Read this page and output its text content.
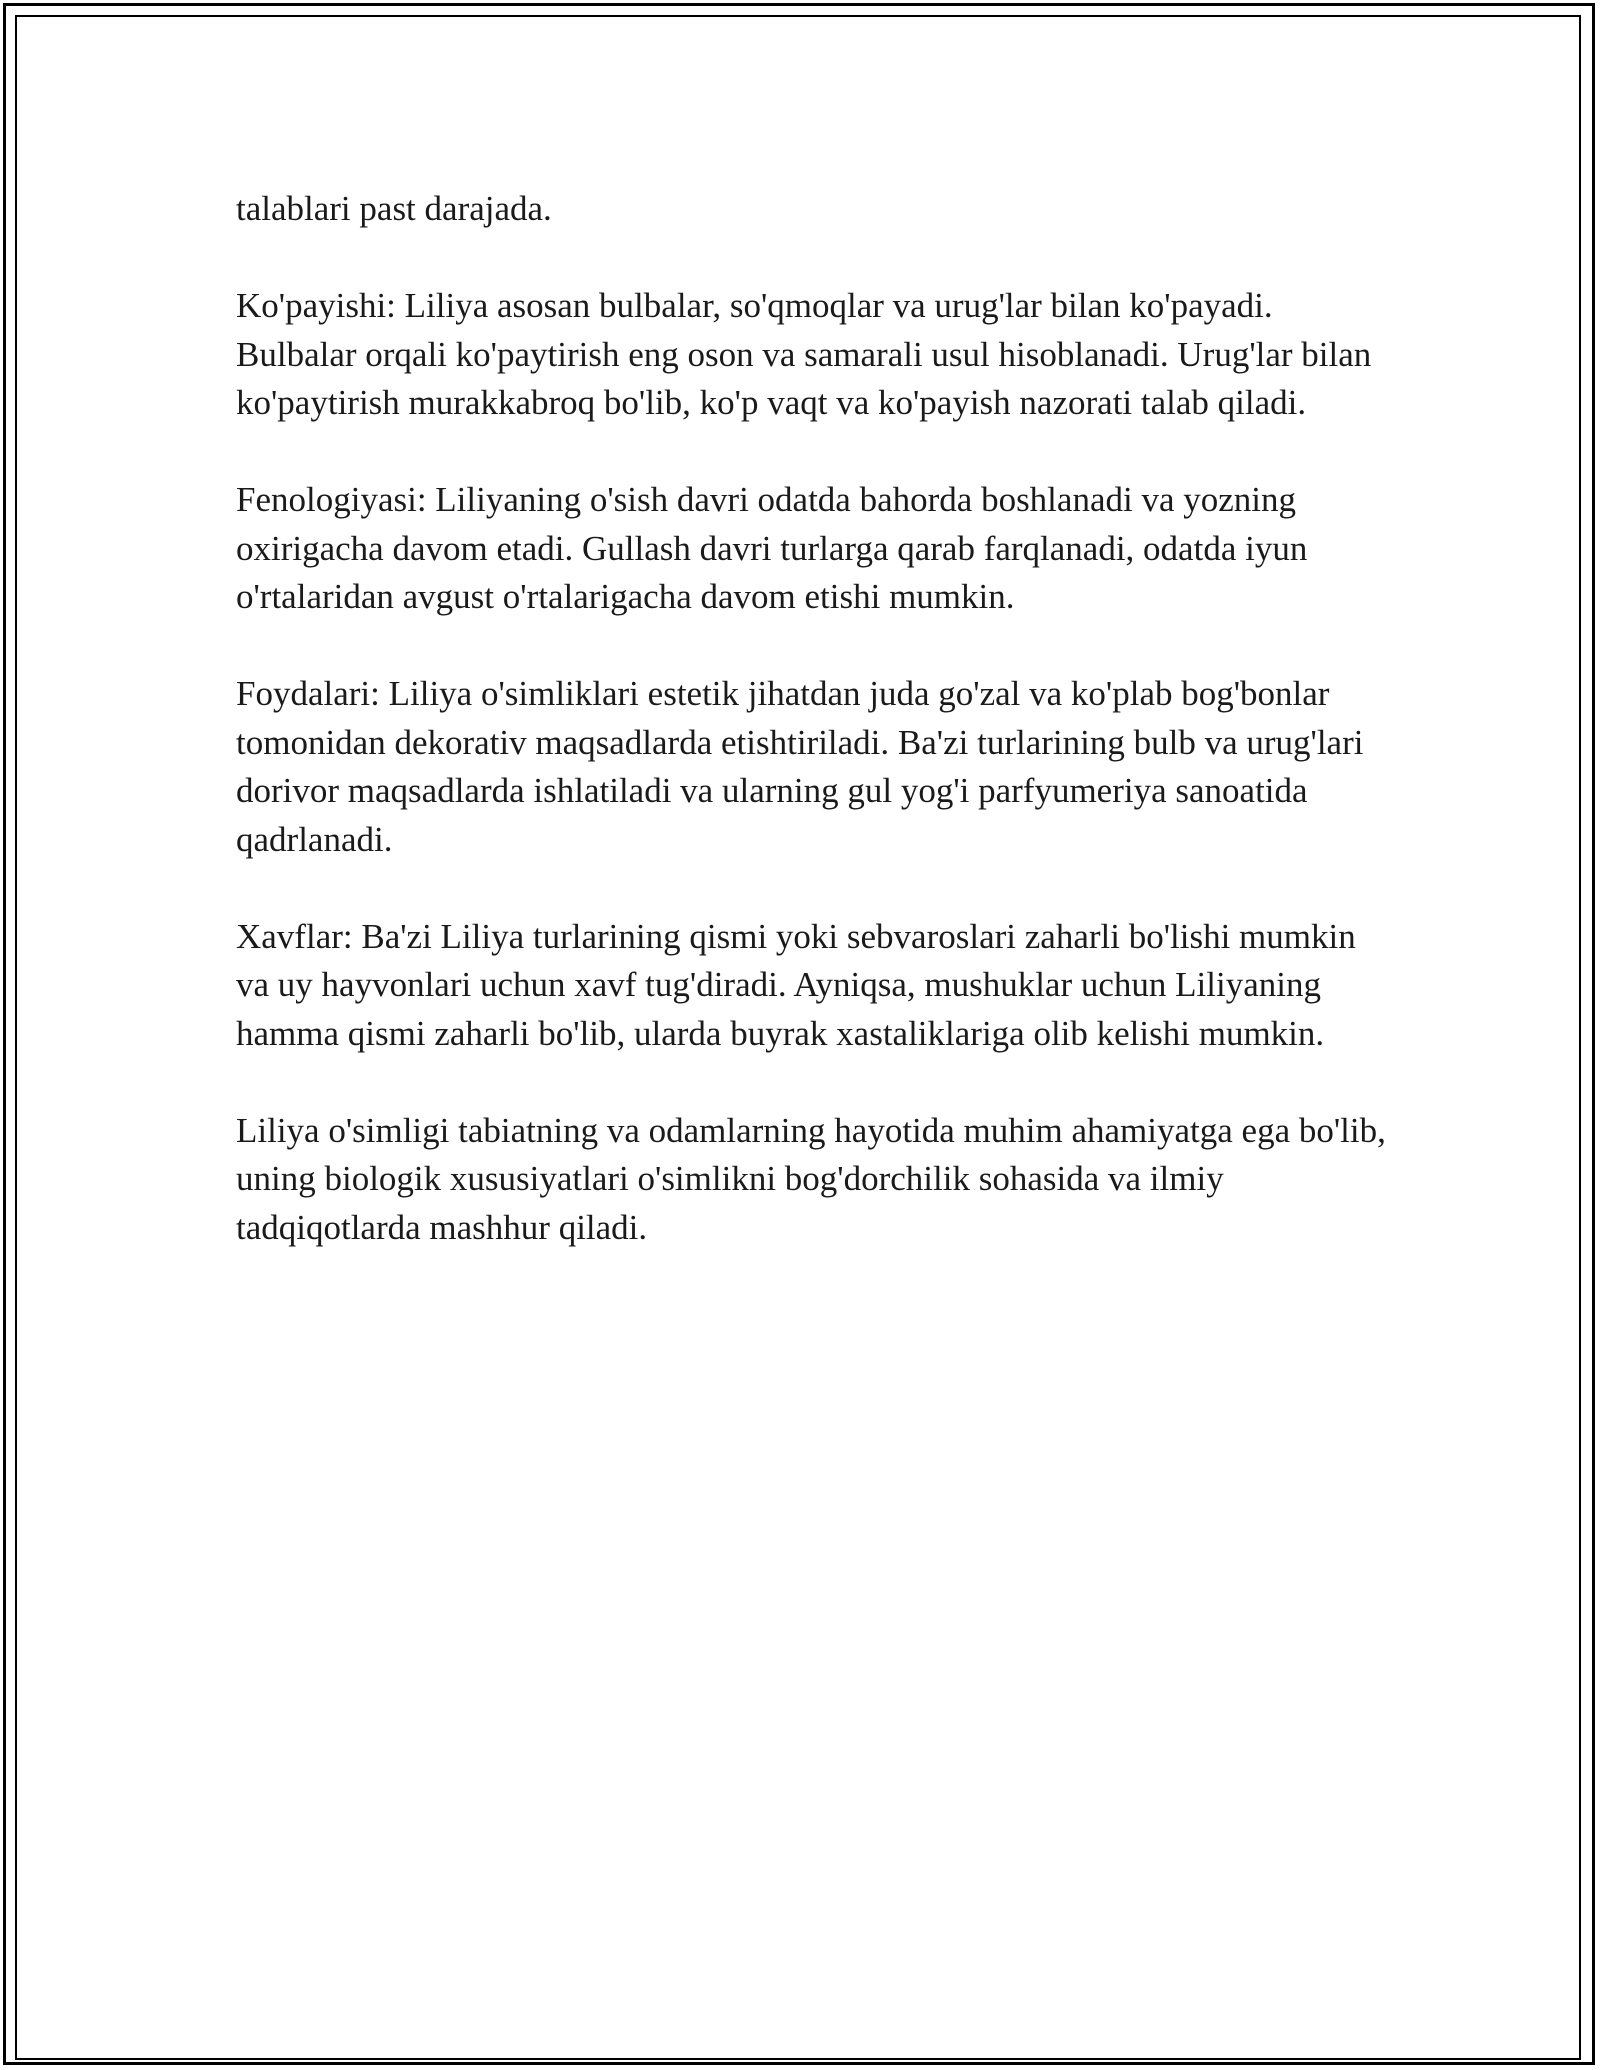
talablari past darajada.

Ko'payishi: Liliya asosan bulbalar, so'qmoqlar va urug'lar bilan ko'payadi. Bulbalar orqali ko'paytirish eng oson va samarali usul hisoblanadi. Urug'lar bilan ko'paytirish murakkabroq bo'lib, ko'p vaqt va ko'payish nazorati talab qiladi.

Fenologiyasi: Liliyaning o'sish davri odatda bahorda boshlanadi va yozning oxirigacha davom etadi. Gullash davri turlarga qarab farqlanadi, odatda iyun o'rtalaridan avgust o'rtalarigacha davom etishi mumkin.

Foydalari: Liliya o'simliklari estetik jihatdan juda go'zal va ko'plab bog'bonlar tomonidan dekorativ maqsadlarda etishtiriladi. Ba'zi turlarining bulb va urug'lari dorivor maqsadlarda ishlatiladi va ularning gul yog'i parfyumeriya sanoatida qadrlanadi.

Xavflar: Ba'zi Liliya turlarining qismi yoki sebvaroslari zaharli bo'lishi mumkin va uy hayvonlari uchun xavf tug'diradi. Ayniqsa, mushuklar uchun Liliyaning hamma qismi zaharli bo'lib, ularda buyrak xastaliklariga olib kelishi mumkin.

Liliya o'simligi tabiatning va odamlarning hayotida muhim ahamiyatga ega bo'lib, uning biologik xususiyatlari o'simlikni bog'dorchilik sohasida va ilmiy tadqiqotlarda mashhur qiladi.
